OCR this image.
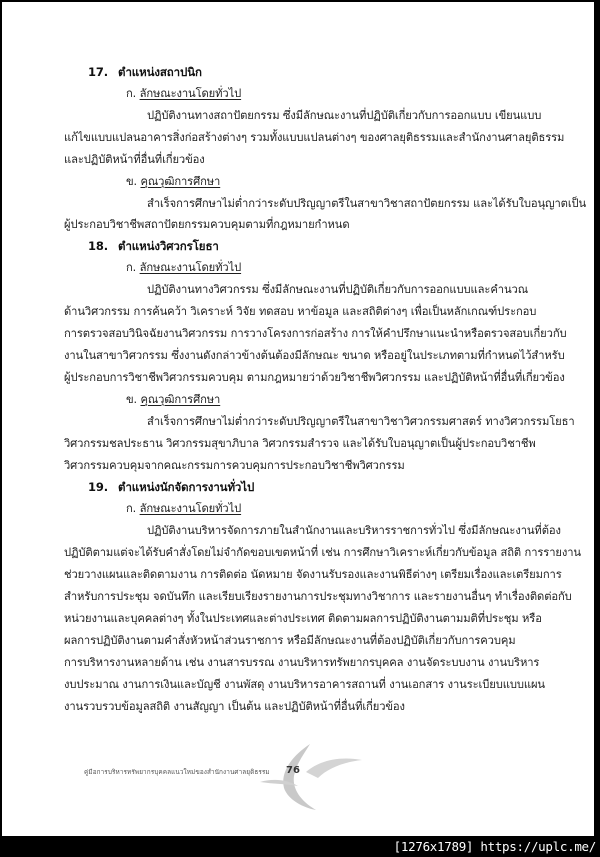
17. ตำแหน่งสถาปนิก
ก. ลักษณะงานโดยทั่วไป
ปฏิบัติงานทางสถาปัตยกรรม ซึ่งมีลักษณะงานที่ปฏิบัติเกี่ยวกับการออกแบบ เขียนแบบ
แก้ไขแบบแปลนอาคารสิ่งก่อสร้างต่างๆ รวมทั้งแบบแปลนต่างๆ ของศาลยุติธรรมและสำนักงานศาลยุติธรรม
และปฏิบัติหน้าที่อื่นที่เกี่ยวข้อง
ข. คุณวุฒิการศึกษา
สำเร็จการศึกษาไม่ต่ำกว่าระดับปริญญาตรีในสาขาวิชาสถาปัตยกรรม และได้รับใบอนุญาตเป็น
ผู้ประกอบวิชาชีพสถาปัตยกรรมควบคุมตามที่กฎหมายกำหนด
18. ตำแหน่งวิศวกรโยธา
ก. ลักษณะงานโดยทั่วไป
ปฏิบัติงานทางวิศวกรรม ซึ่งมีลักษณะงานที่ปฏิบัติเกี่ยวกับการออกแบบและคำนวณ
ด้านวิศวกรรม การค้นคว้า วิเคราะห์ วิจัย ทดสอบ หาข้อมูล และสถิติต่างๆ เพื่อเป็นหลักเกณฑ์ประกอบ
การตรวจสอบวินิจฉัยงานวิศวกรรม การวางโครงการก่อสร้าง การให้คำปรึกษาแนะนำหรือตรวจสอบเกี่ยวกับ
งานในสาขาวิศวกรรม ซึ่งงานดังกล่าวข้างต้นต้องมีลักษณะ ขนาด หรืออยู่ในประเภทตามที่กำหนดไว้สำหรับ
ผู้ประกอบการวิชาชีพวิศวกรรมควบคุม ตามกฎหมายว่าด้วยวิชาชีพวิศวกรรม และปฏิบัติหน้าที่อื่นที่เกี่ยวข้อง
ข. คุณวุฒิการศึกษา
สำเร็จการศึกษาไม่ต่ำกว่าระดับปริญญาตรีในสาขาวิชาวิศวกรรมศาสตร์ ทางวิศวกรรมโยธา
วิศวกรรมชลประธาน วิศวกรรมสุขาภิบาล วิศวกรรมสำรวจ และได้รับใบอนุญาตเป็นผู้ประกอบวิชาชีพ
วิศวกรรมควบคุมจากคณะกรรมการควบคุมการประกอบวิชาชีพวิศวกรรม
19. ตำแหน่งนักจัดการงานทั่วไป
ก. ลักษณะงานโดยทั่วไป
ปฏิบัติงานบริหารจัดการภายในสำนักงานและบริหารราชการทั่วไป ซึ่งมีลักษณะงานที่ต้อง
ปฏิบัติตามแต่จะได้รับคำสั่งโดยไม่จำกัดขอบเขตหน้าที่ เช่น การศึกษาวิเคราะห์เกี่ยวกับข้อมูล สถิติ การรายงาน
ช่วยวางแผนและติดตามงาน การติดต่อ นัดหมาย จัดงานรับรองและงานพิธีต่างๆ เตรียมเรื่องและเตรียมการ
สำหรับการประชุม จดบันทึก และเรียบเรียงรายงานการประชุมทางวิชาการ และรายงานอื่นๆ ทำเรื่องติดต่อกับ
หน่วยงานและบุคคลต่างๆ ทั้งในประเทศและต่างประเทศ ติดตามผลการปฏิบัติงานตามมติที่ประชุม หรือ
ผลการปฏิบัติงานตามคำสั่งหัวหน้าส่วนราชการ หรือมีลักษณะงานที่ต้องปฏิบัติเกี่ยวกับการควบคุม
การบริหารงานหลายด้าน เช่น งานสารบรรณ งานบริหารทรัพยากรบุคคล งานจัดระบบงาน งานบริหาร
งบประมาณ งานการเงินและบัญชี งานพัสดุ งานบริหารอาคารสถานที่ งานเอกสาร งานระเบียบแบบแผน
งานรวบรวบข้อมูลสถิติ งานสัญญา เป็นต้น และปฏิบัติหน้าที่อื่นที่เกี่ยวข้อง
คู่มือการบริหารทรัพยากรบุคคลแนวใหม่ของสำนักงานศาลยุติธรรม 76
[1276x1789] https://uplc.me/
